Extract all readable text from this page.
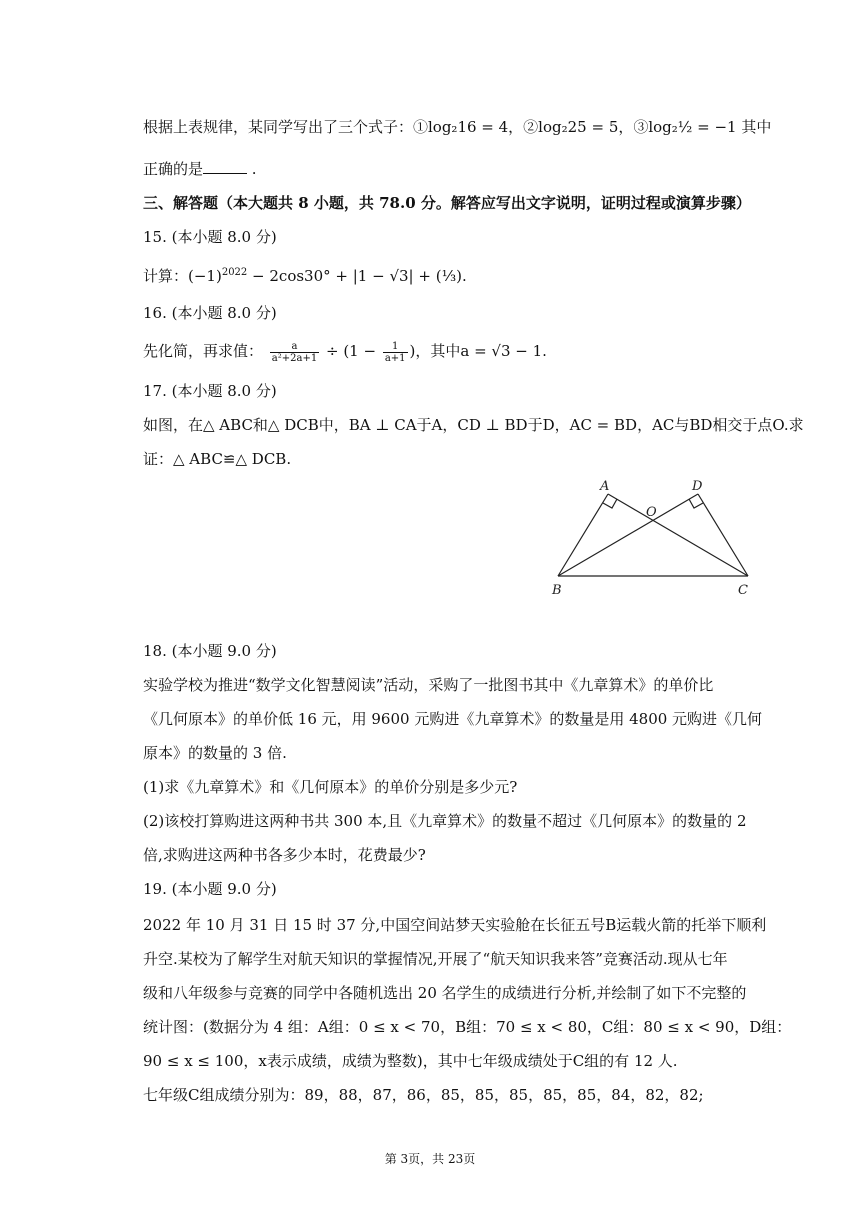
根据上表规律，某同学写出了三个式子：①log₂16 = 4，②log₂25 = 5，③log₂½ = −1 其中
正确的是	.
三、解答题（本大题共 8 小题，共 78.0 分。解答应写出文字说明，证明过程或演算步骤）
15. (本小题 8.0 分)
计算：$(-1)^{2022} - 2\cos 30^\circ + |1 - √3|$ + (⅓).
16. (本小题 8.0 分)
先化简，再求值： $\frac{a}{\text{a²+2a+1}} \div (1 - \frac{1}{a+1}$ )，其中a = √3 − 1.
17. (本小题 8.0 分)
如图，在△ ABC和△ DCB中，BA ⊥ CA于A，CD ⊥ BD于D，AC = BD，AC与BD相交于点O.求
证：△ ABC≌△ DCB.
A	D
O
B	C
18. (本小题 9.0 分)
实验学校为推进“数学文化智慧阅读”活动，采购了一批图书其中《九章算术》的单价比
《几何原本》的单价低 16 元，用 9600 元购进《九章算术》的数量是用 4800 元购进《几何
原本》的数量的 3 倍.
(1)求《九章算术》和《几何原本》的单价分别是多少元?
(2)该校打算购进这两种书共 300 本,且《九章算术》的数量不超过《几何原本》的数量的 2
倍,求购进这两种书各多少本时，花费最少?
19. (本小题 9.0 分)
2022 年 10 月 31 日 15 时 37 分,中国空间站梦天实验舱在长征五号B运载火箭的托举下顺利
升空.某校为了解学生对航天知识的掌握情况,开展了“航天知识我来答”竞赛活动.现从七年
级和八年级参与竞赛的同学中各随机选出 20 名学生的成绩进行分析,并绘制了如下不完整的
统计图：(数据分为 4 组：A组：0 ≤ x < 70，B组：70 ≤ x < 80，C组：80 ≤ x < 90，D组：
90 ≤ x ≤ 100，x表示成绩，成绩为整数)，其中七年级成绩处于C组的有 12 人.
七年级C组成绩分别为：89，88，87，86，85，85，85，85，85，84，82，82;
第 3页，共 23页
